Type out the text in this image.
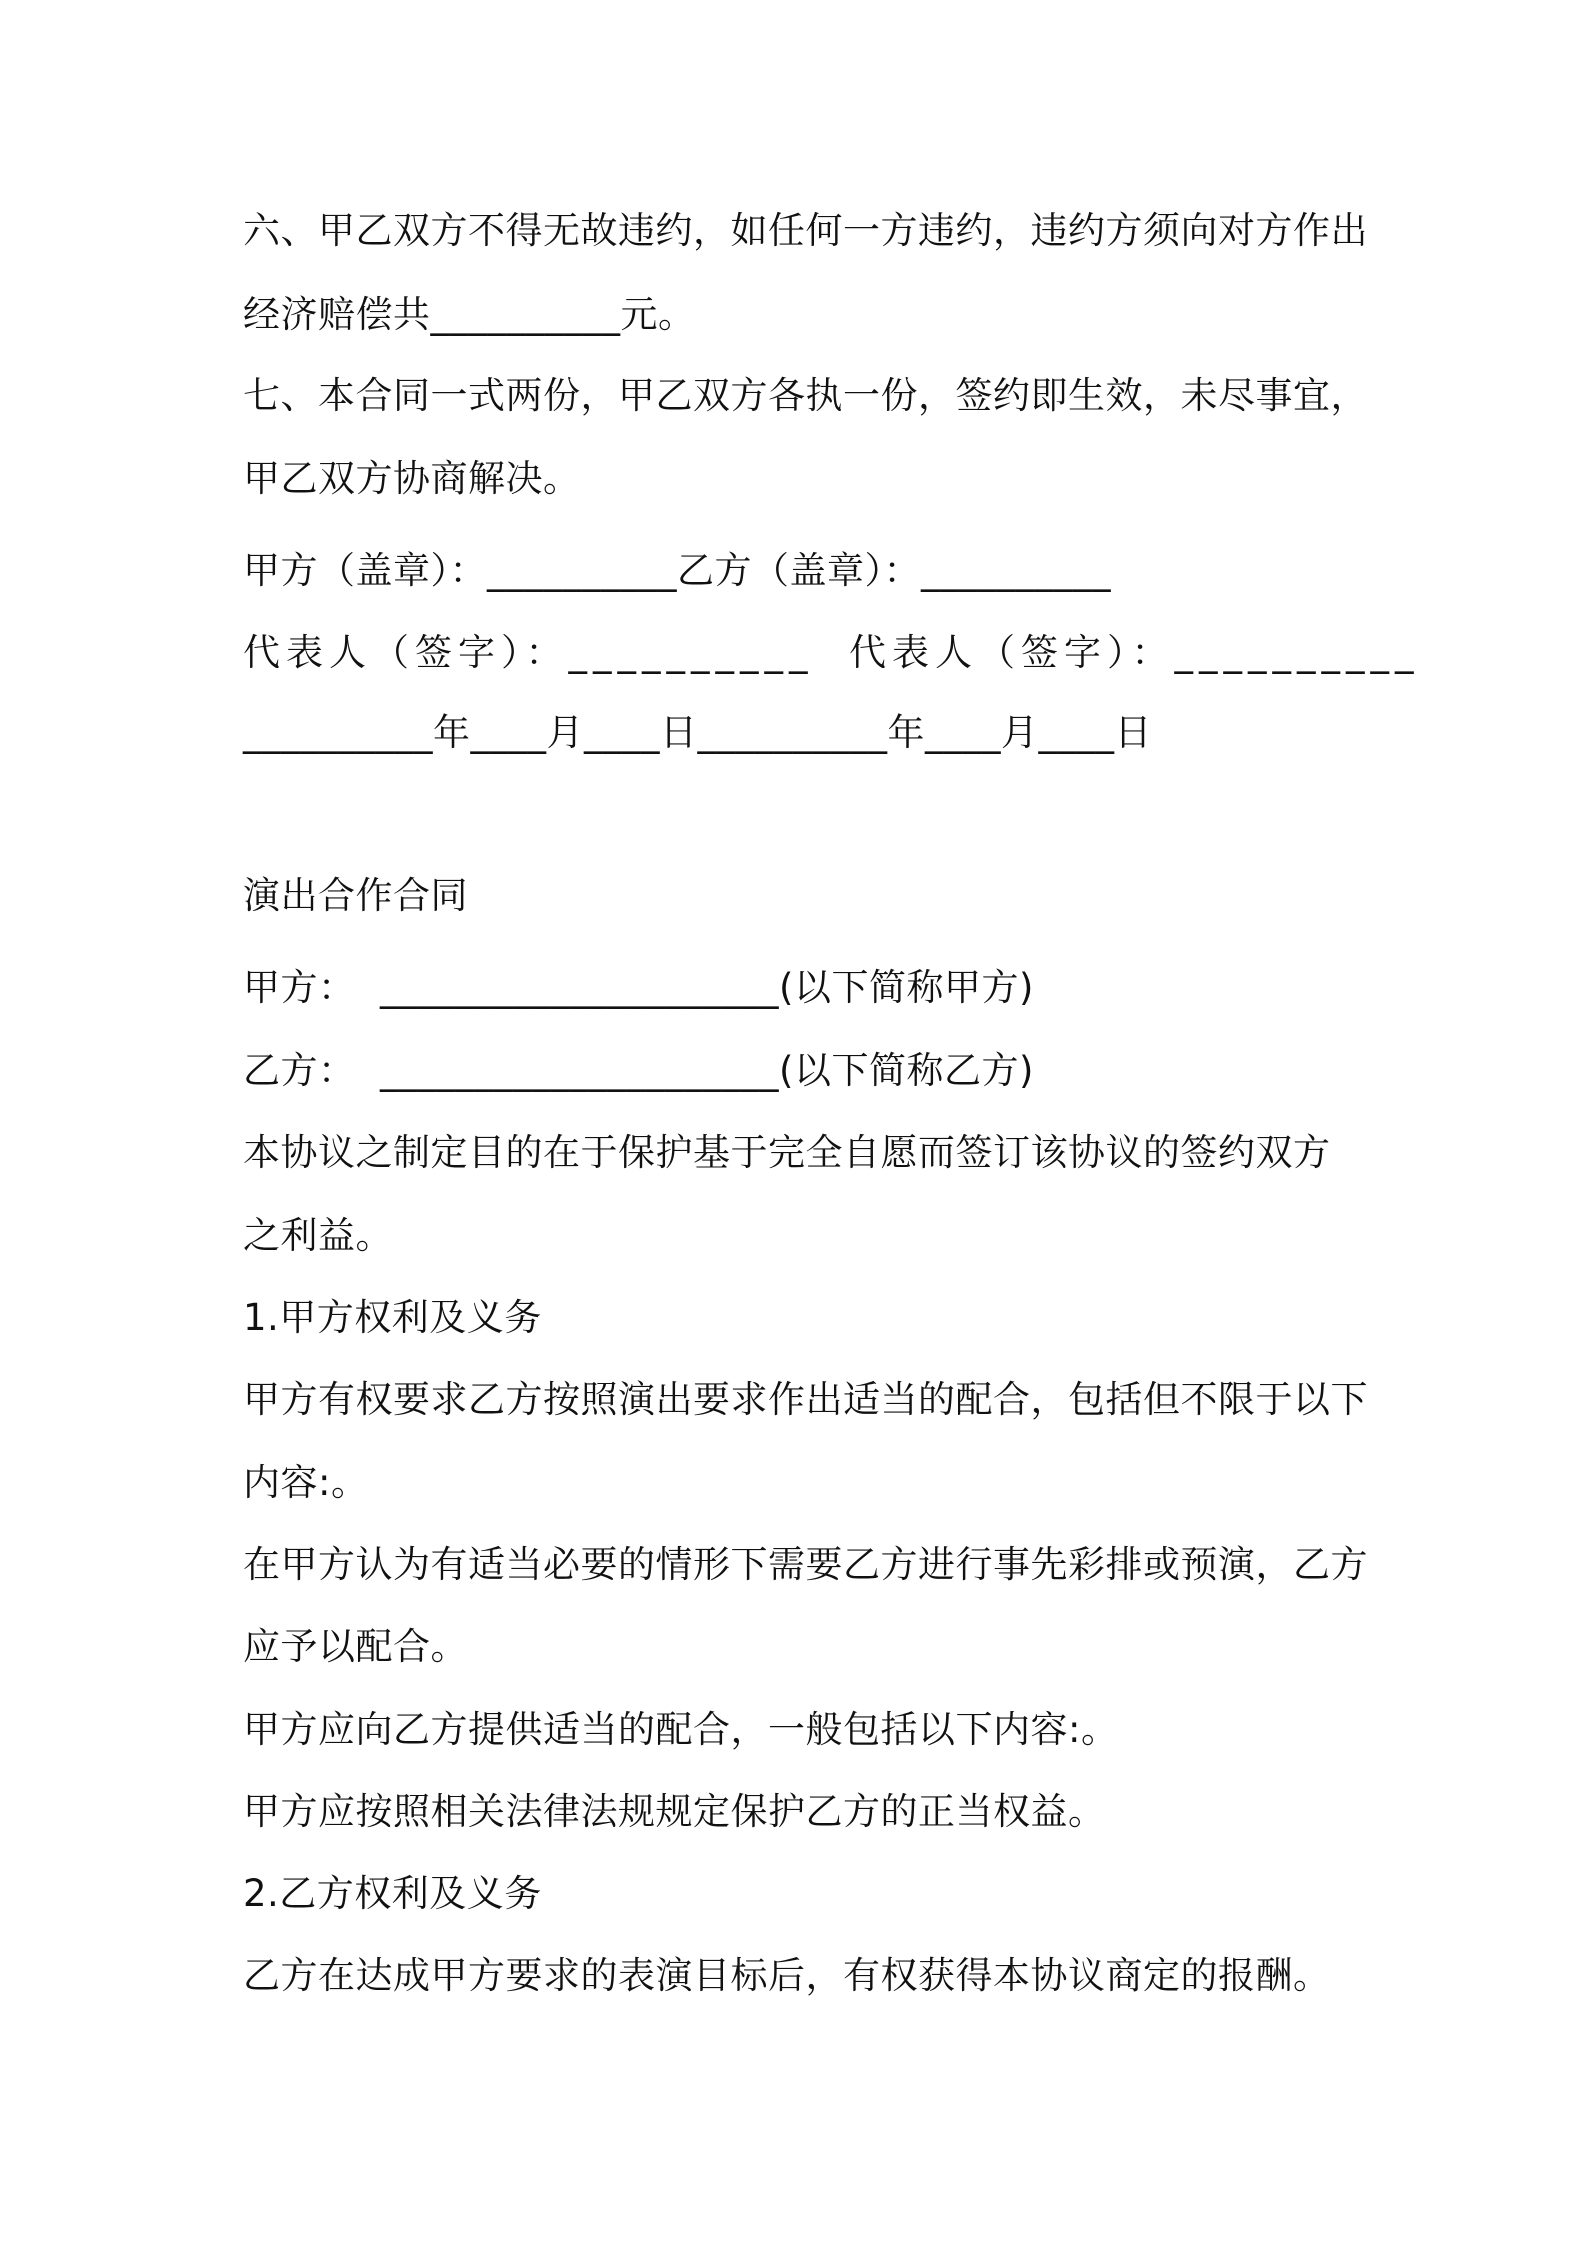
六、甲乙双方不得无故违约，如任何一方违约，违约方须向对方作出
经济赔偿共__________元。
七、本合同一式两份，甲乙双方各执一份，签约即生效，未尽事宜，
甲乙双方协商解决。
甲方（盖章）：__________乙方（盖章）：__________
代表人（签字）：__________  代表人（签字）：__________
__________年____月____日__________年____月____日
演出合作合同
甲方：  _____________________(以下简称甲方)
乙方：  _____________________(以下简称乙方)
本协议之制定目的在于保护基于完全自愿而签订该协议的签约双方
之利益。
1.甲方权利及义务
甲方有权要求乙方按照演出要求作出适当的配合，包括但不限于以下
内容:。
在甲方认为有适当必要的情形下需要乙方进行事先彩排或预演，乙方
应予以配合。
甲方应向乙方提供适当的配合，一般包括以下内容:。
甲方应按照相关法律法规规定保护乙方的正当权益。
2.乙方权利及义务
乙方在达成甲方要求的表演目标后，有权获得本协议商定的报酬。
